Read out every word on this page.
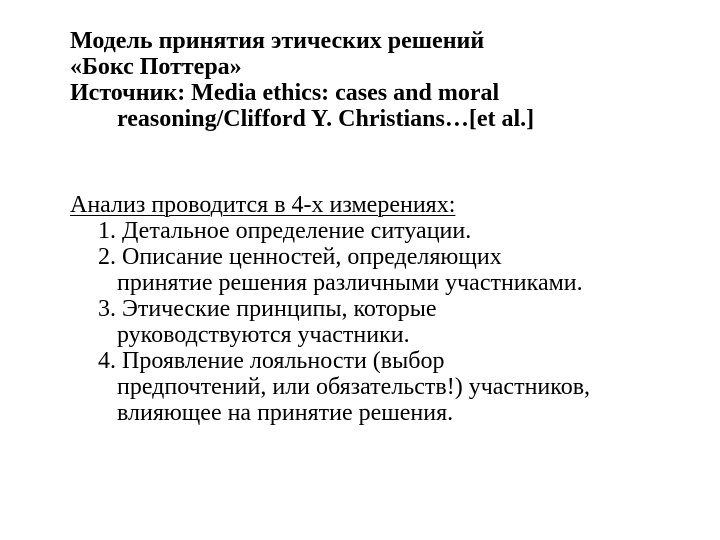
Модель принятия этических решений
«Бокс Поттера»
Источник: Media ethics: cases and moral
reasoning/Clifford Y. Christians…[et al.]
Анализ проводится в 4-х измерениях:
1. Детальное определение ситуации.
2. Описание ценностей, определяющих
принятие решения различными участниками.
3. Этические принципы, которые
руководствуются участники.
4. Проявление лояльности (выбор
предпочтений, или обязательств!) участников,
влияющее на принятие решения.
